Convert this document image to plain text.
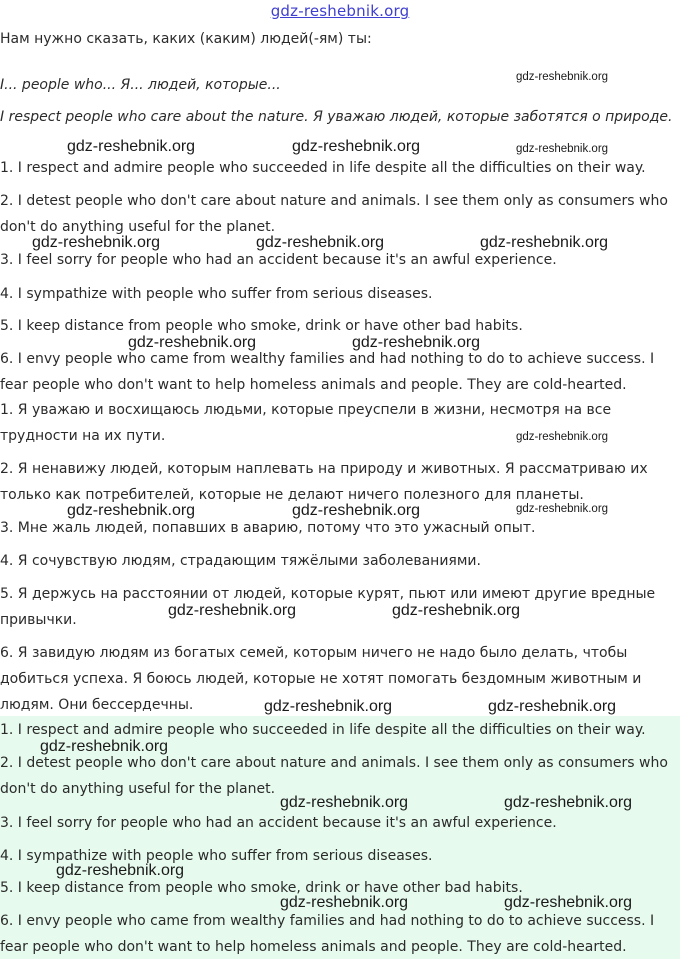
gdz-reshebnik.org

Нам нужно сказать, каких (каким) людей(-ям) ты:

I... people who... Я... людей, которые...

I respect people who care about the nature. Я уважаю людей, которые заботятся о природе.

1. I respect and admire people who succeeded in life despite all the difficulties on their way.

2. I detest people who don't care about nature and animals. I see them only as consumers who don't do anything useful for the planet.

3. I feel sorry for people who had an accident because it's an awful experience.

4. I sympathize with people who suffer from serious diseases.

5. I keep distance from people who smoke, drink or have other bad habits.

6. I envy people who came from wealthy families and had nothing to do to achieve success. I fear people who don't want to help homeless animals and people. They are cold-hearted.

1. Я уважаю и восхищаюсь людьми, которые преуспели в жизни, несмотря на все трудности на их пути.

2. Я ненавижу людей, которым наплевать на природу и животных. Я рассматриваю их только как потребителей, которые не делают ничего полезного для планеты.

3. Мне жаль людей, попавших в аварию, потому что это ужасный опыт.

4. Я сочувствую людям, страдающим тяжёлыми заболеваниями.

5. Я держусь на расстоянии от людей, которые курят, пьют или имеют другие вредные привычки.

6. Я завидую людям из богатых семей, которым ничего не надо было делать, чтобы добиться успеха. Я боюсь людей, которые не хотят помогать бездомным животным и людям. Они бессердечны.

1. I respect and admire people who succeeded in life despite all the difficulties on their way.

2. I detest people who don't care about nature and animals. I see them only as consumers who don't do anything useful for the planet.

3. I feel sorry for people who had an accident because it's an awful experience.

4. I sympathize with people who suffer from serious diseases.

5. I keep distance from people who smoke, drink or have other bad habits.

6. I envy people who came from wealthy families and had nothing to do to achieve success. I fear people who don't want to help homeless animals and people. They are cold-hearted.

gdz-reshebnik.org
gdz-reshebnik.org	gdz-reshebnik.org	gdz-reshebnik.org
gdz-reshebnik.org	gdz-reshebnik.org	gdz-reshebnik.org
gdz-reshebnik.org	gdz-reshebnik.org
gdz-reshebnik.org
gdz-reshebnik.org	gdz-reshebnik.org	gdz-reshebnik.org
gdz-reshebnik.org	gdz-reshebnik.org
gdz-reshebnik.org	gdz-reshebnik.org
gdz-reshebnik.org
gdz-reshebnik.org	gdz-reshebnik.org
gdz-reshebnik.org
gdz-reshebnik.org	gdz-reshebnik.org
